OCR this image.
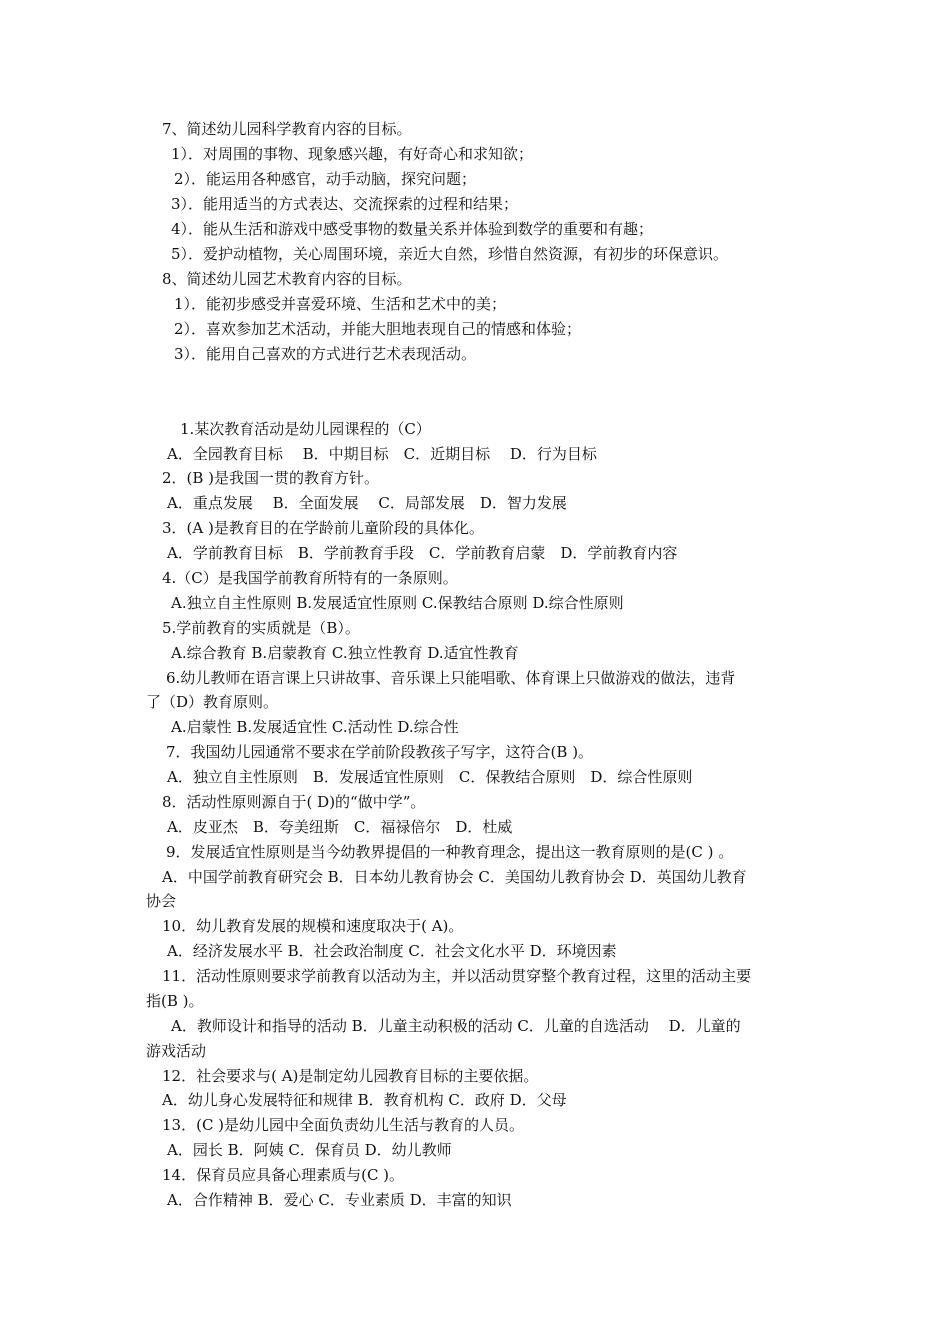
7、简述幼儿园科学教育内容的目标。
1）．对周围的事物、现象感兴趣，有好奇心和求知欲；
2）．能运用各种感官，动手动脑，探究问题；
3）．能用适当的方式表达、交流探索的过程和结果；
4）．能从生活和游戏中感受事物的数量关系并体验到数学的重要和有趣；
5）．爱护动植物，关心周围环境，亲近大自然，珍惜自然资源，有初步的环保意识。
8、简述幼儿园艺术教育内容的目标。
1）．能初步感受并喜爱环境、生活和艺术中的美；
2）．喜欢参加艺术活动，并能大胆地表现自己的情感和体验；
3）．能用自己喜欢的方式进行艺术表现活动。
1.某次教育活动是幼儿园课程的（C）
A．全园教育目标　 B．中期目标　C．近期目标　 D．行为目标
2．(B )是我国一贯的教育方针。
A．重点发展　 B．全面发展　 C．局部发展　D．智力发展
3．(A )是教育目的在学龄前儿童阶段的具体化。
A．学前教育目标　B．学前教育手段　C．学前教育启蒙　D．学前教育内容
4.（C）是我国学前教育所特有的一条原则。
A.独立自主性原则 B.发展适宜性原则 C.保教结合原则 D.综合性原则
5.学前教育的实质就是（B）。
A.综合教育 B.启蒙教育 C.独立性教育 D.适宜性教育
6.幼儿教师在语言课上只讲故事、音乐课上只能唱歌、体育课上只做游戏的做法，违背
了（D）教育原则。
A.启蒙性 B.发展适宜性 C.活动性 D.综合性
7．我国幼儿园通常不要求在学前阶段教孩子写字，这符合(B )。
A．独立自主性原则　B．发展适宜性原则　C．保教结合原则　D．综合性原则
8．活动性原则源自于( D)的“做中学”。
A．皮亚杰　B．夸美纽斯　C．福禄倍尔　D．杜威
9．发展适宜性原则是当今幼教界提倡的一种教育理念，提出这一教育原则的是(C ) 。
A．中国学前教育研究会 B．日本幼儿教育协会 C．美国幼儿教育协会 D．英国幼儿教育
协会
10．幼儿教育发展的规模和速度取决于( A)。
A．经济发展水平 B．社会政治制度 C．社会文化水平 D．环境因素
11．活动性原则要求学前教育以活动为主，并以活动贯穿整个教育过程，这里的活动主要
指(B )。
A．教师设计和指导的活动 B．儿童主动积极的活动 C．儿童的自选活动　 D．儿童的
游戏活动
12．社会要求与( A)是制定幼儿园教育目标的主要依据。
A．幼儿身心发展特征和规律 B．教育机构 C．政府 D．父母
13．(C )是幼儿园中全面负责幼儿生活与教育的人员。
A．园长 B．阿姨 C．保育员 D．幼儿教师
14．保育员应具备心理素质与(C )。
A．合作精神 B．爱心 C．专业素质 D．丰富的知识
